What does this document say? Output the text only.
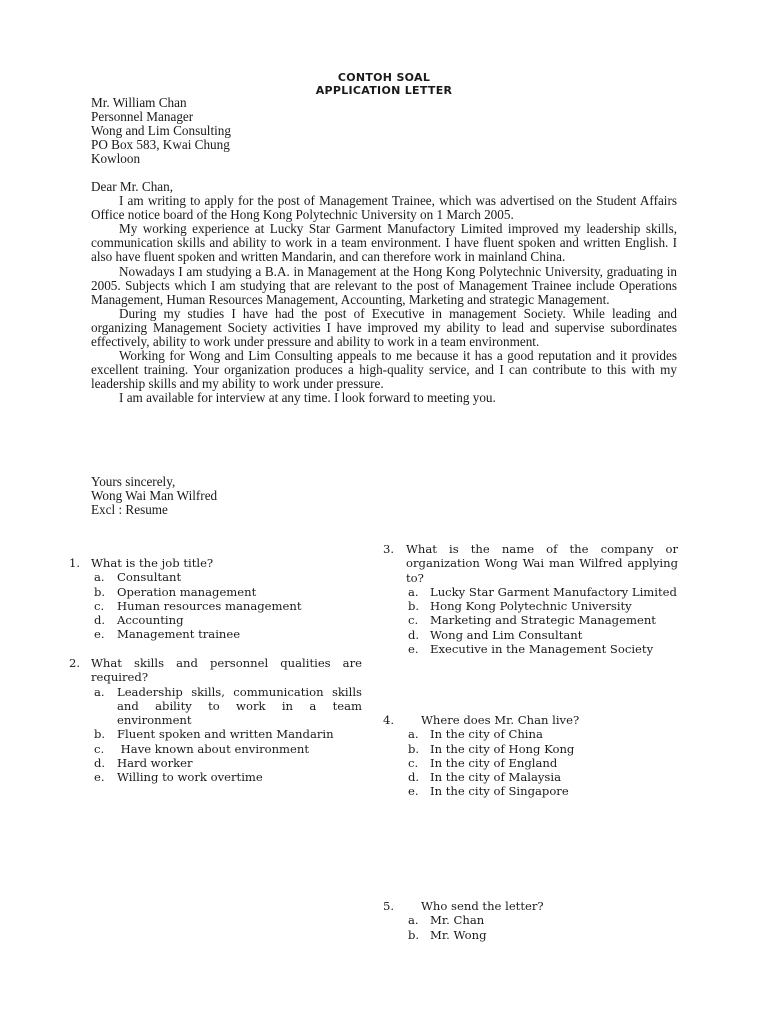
CONTOH SOAL
APPLICATION LETTER
Mr. William Chan
Personnel Manager
Wong and Lim Consulting
PO Box 583, Kwai Chung
Kowloon

Dear Mr. Chan,

I am writing to apply for the post of Management Trainee, which was advertised on the Student Affairs Office notice board of the Hong Kong Polytechnic University on 1 March 2005.

My working experience at Lucky Star Garment Manufactory Limited improved my leadership skills, communication skills and ability to work in a team environment. I have fluent spoken and written English. I also have fluent spoken and written Mandarin, and can therefore work in mainland China.

Nowadays I am studying a B.A. in Management at the Hong Kong Polytechnic University, graduating in 2005. Subjects which I am studying that are relevant to the post of Management Trainee include Operations Management, Human Resources Management, Accounting, Marketing and strategic Management.

During my studies I have had the post of Executive in management Society. While leading and organizing Management Society activities I have improved my ability to lead and supervise subordinates effectively, ability to work under pressure and ability to work in a team environment.

Working for Wong and Lim Consulting appeals to me because it has a good reputation and it provides excellent training. Your organization produces a high-quality service, and I can contribute to this with my leadership skills and my ability to work under pressure.

I am available for interview at any time. I look forward to meeting you.

Yours sincerely,
Wong Wai Man Wilfred
Excl : Resume
1. What is the job title?
a. Consultant
b. Operation management
c. Human resources management
d. Accounting
e. Management trainee
2. What skills and personnel qualities are required?
a. Leadership skills, communication skills and ability to work in a team environment
b. Fluent spoken and written Mandarin
c. Have known about environment
d. Hard worker
e. Willing to work overtime
3. What is the name of the company or organization Wong Wai man Wilfred applying to?
a. Lucky Star Garment Manufactory Limited
b. Hong Kong Polytechnic University
c. Marketing and Strategic Management
d. Wong and Lim Consultant
e. Executive in the Management Society
4. Where does Mr. Chan live?
a. In the city of China
b. In the city of Hong Kong
c. In the city of England
d. In the city of Malaysia
e. In the city of Singapore
5. Who send the letter?
a. Mr. Chan
b. Mr. Wong
